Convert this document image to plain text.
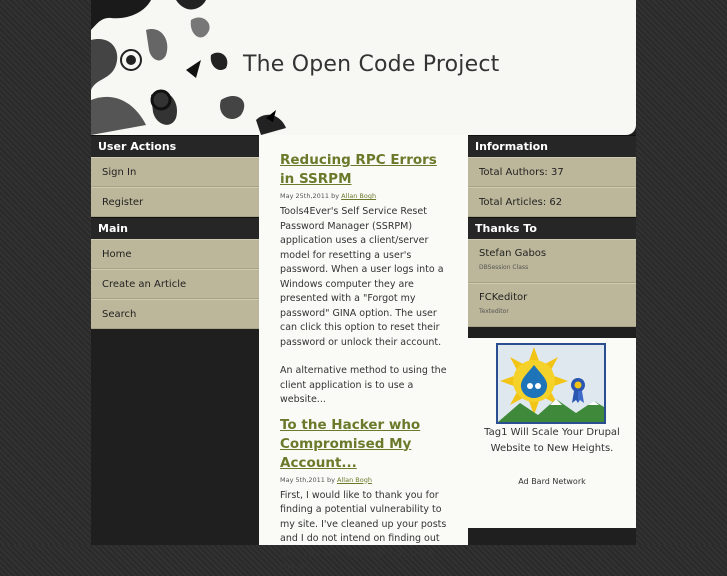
The Open Code Project
User Actions
Sign In
Register
Main
Home
Create an Article
Search
Reducing RPC Errors in SSRPM
May 25th,2011 by Allan Bogh

Tools4Ever's Self Service Reset Password Manager (SSRPM) application uses a client/server model for resetting a user's password. When a user logs into a Windows computer they are presented with a "Forgot my password" GINA option. The user can click this option to reset their password or unlock their account.

An alternative method to using the client application is to use a website...

To the Hacker who Compromised My Account...
May 5th,2011 by Allan Bogh

First, I would like to thank you for finding a potential vulnerability to my site. I've cleaned up your posts and I do not intend on finding out who you are, although I do track the IP

Information
Total Authors: 37
Total Articles: 62
Thanks To
Stefan Gabos
DBSession Class
FCKeditor
Texteditor
Tag1 Will Scale Your Drupal Website to New Heights.
Ad Bard Network
